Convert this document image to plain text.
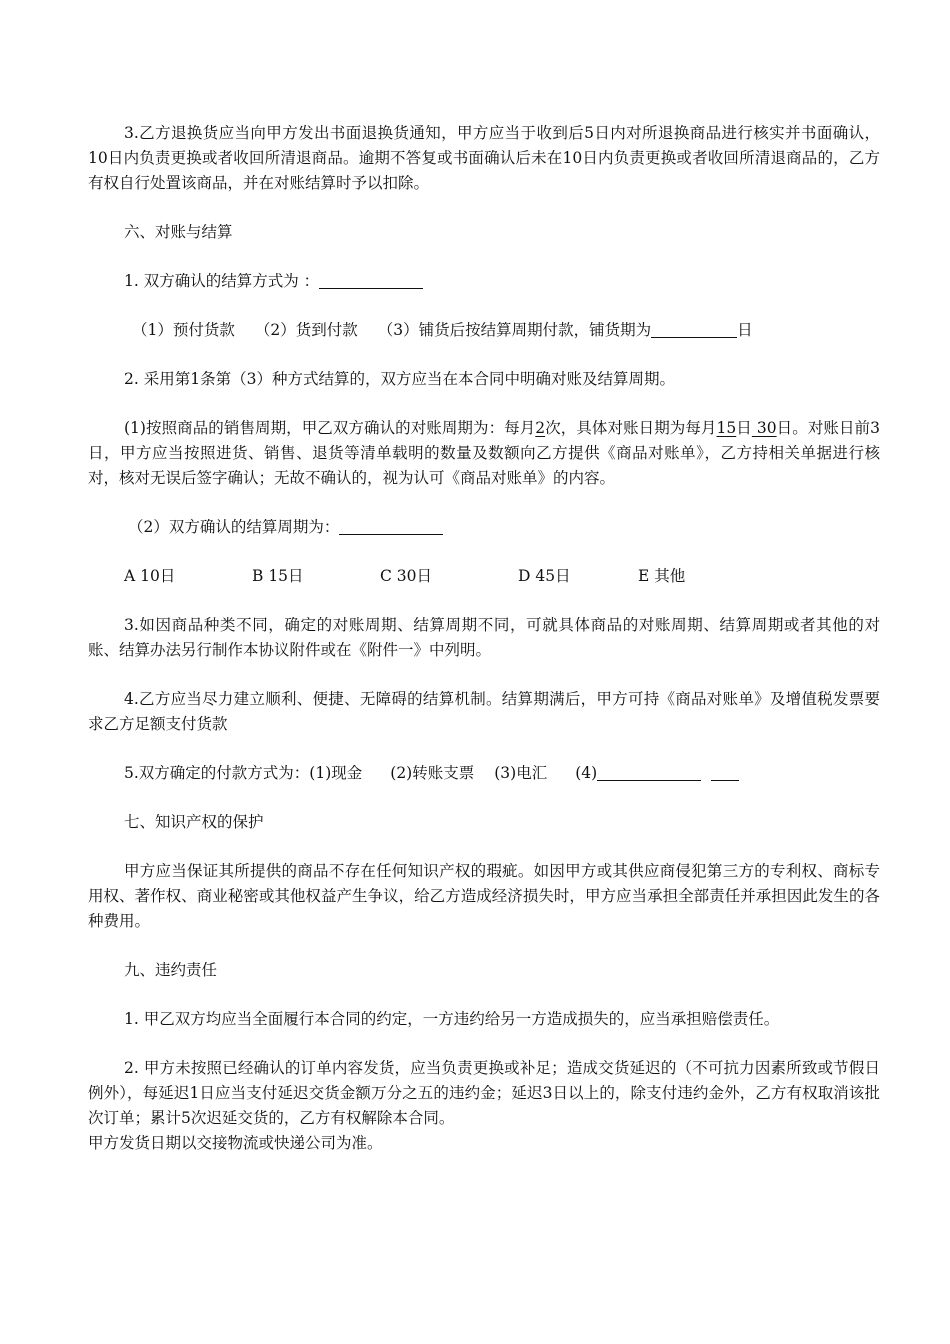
3.乙方退换货应当向甲方发出书面退换货通知，甲方应当于收到后5日内对所退换商品进行核实并书面确认，10日内负责更换或者收回所清退商品。逾期不答复或书面确认后未在10日内负责更换或者收回所清退商品的，乙方有权自行处置该商品，并在对账结算时予以扣除。

六、对账与结算

1. 双方确认的结算方式为 ：

（1）预付货款 （2）货到付款 （3）铺货后按结算周期付款，铺货期为	日

2. 采用第1条第（3）种方式结算的，双方应当在本合同中明确对账及结算周期。

(1)按照商品的销售周期，甲乙双方确认的对账周期为：每月2次，具体对账日期为每月15日 30日。对账日前3日，甲方应当按照进货、销售、退货等清单载明的数量及数额向乙方提供《商品对账单》，乙方持相关单据进行核对，核对无误后签字确认；无故不确认的，视为认可《商品对账单》的内容。

（2）双方确认的结算周期为：

A 10日	B 15日	C 30日	D 45日	E 其他

3.如因商品种类不同，确定的对账周期、结算周期不同，可就具体商品的对账周期、结算周期或者其他的对账、结算办法另行制作本协议附件或在《附件一》中列明。

4.乙方应当尽力建立顺利、便捷、无障碍的结算机制。结算期满后，甲方可持《商品对账单》及增值税发票要求乙方足额支付货款

5.双方确定的付款方式为：(1)现金 (2)转账支票 (3)电汇 (4)

七、知识产权的保护

甲方应当保证其所提供的商品不存在任何知识产权的瑕疵。如因甲方或其供应商侵犯第三方的专利权、商标专用权、著作权、商业秘密或其他权益产生争议，给乙方造成经济损失时，甲方应当承担全部责任并承担因此发生的各种费用。

九、违约责任

1. 甲乙双方均应当全面履行本合同的约定，一方违约给另一方造成损失的，应当承担赔偿责任。

2. 甲方未按照已经确认的订单内容发货，应当负责更换或补足；造成交货延迟的（不可抗力因素所致或节假日例外），每延迟1日应当支付延迟交货金额万分之五的违约金；延迟3日以上的，除支付违约金外，乙方有权取消该批次订单；累计5次迟延交货的，乙方有权解除本合同。

甲方发货日期以交接物流或快递公司为准。
